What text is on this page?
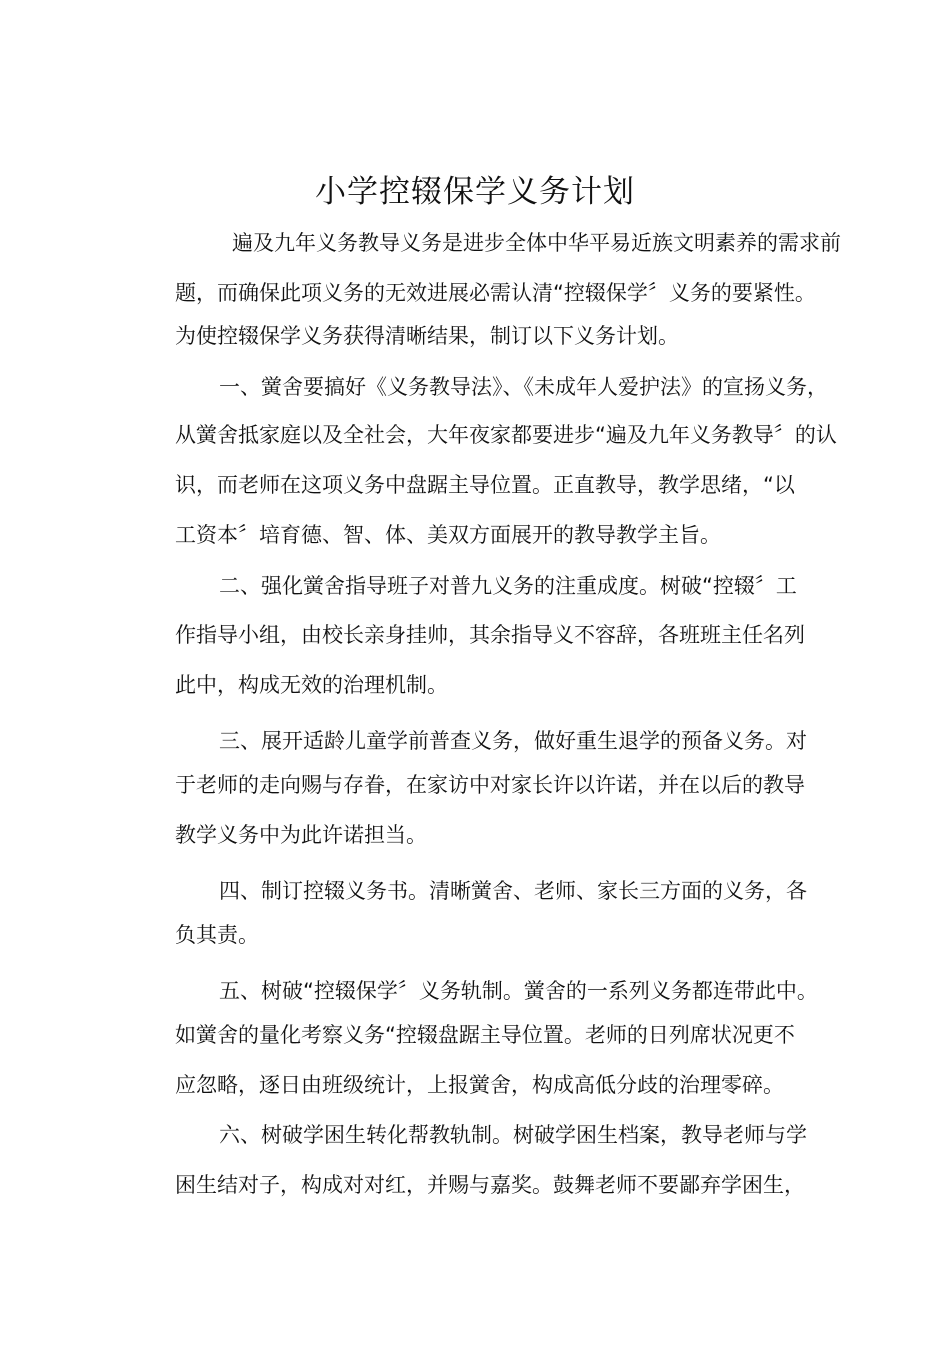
小学控辍保学义务计划
遍及九年义务教导义务是进步全体中华平易近族文明素养的需求前
题，而确保此项义务的无效进展必需认清“控辍保学〞义务的要紧性。
为使控辍保学义务获得清晰结果，制订以下义务计划。
一、黉舍要搞好《义务教导法》、《未成年人爱护法》的宣扬义务，
从黉舍抵家庭以及全社会，大年夜家都要进步“遍及九年义务教导〞的认
识，而老师在这项义务中盘踞主导位置。正直教导，教学思绪，“以
工资本〞培育德、智、体、美双方面展开的教导教学主旨。
二、强化黉舍指导班子对普九义务的注重成度。树破“控辍〞工
作指导小组，由校长亲身挂帅，其余指导义不容辞，各班班主任名列
此中，构成无效的治理机制。
三、展开适龄儿童学前普查义务，做好重生退学的预备义务。对
于老师的走向赐与存眷，在家访中对家长许以许诺，并在以后的教导
教学义务中为此许诺担当。
四、制订控辍义务书。清晰黉舍、老师、家长三方面的义务，各
负其责。
五、树破“控辍保学〞义务轨制。黉舍的一系列义务都连带此中。
如黉舍的量化考察义务“控辍盘踞主导位置。老师的日列席状况更不
应忽略，逐日由班级统计，上报黉舍，构成高低分歧的治理零碎。
六、树破学困生转化帮教轨制。树破学困生档案，教导老师与学
困生结对子，构成对对红，并赐与嘉奖。鼓舞老师不要鄙弃学困生，
